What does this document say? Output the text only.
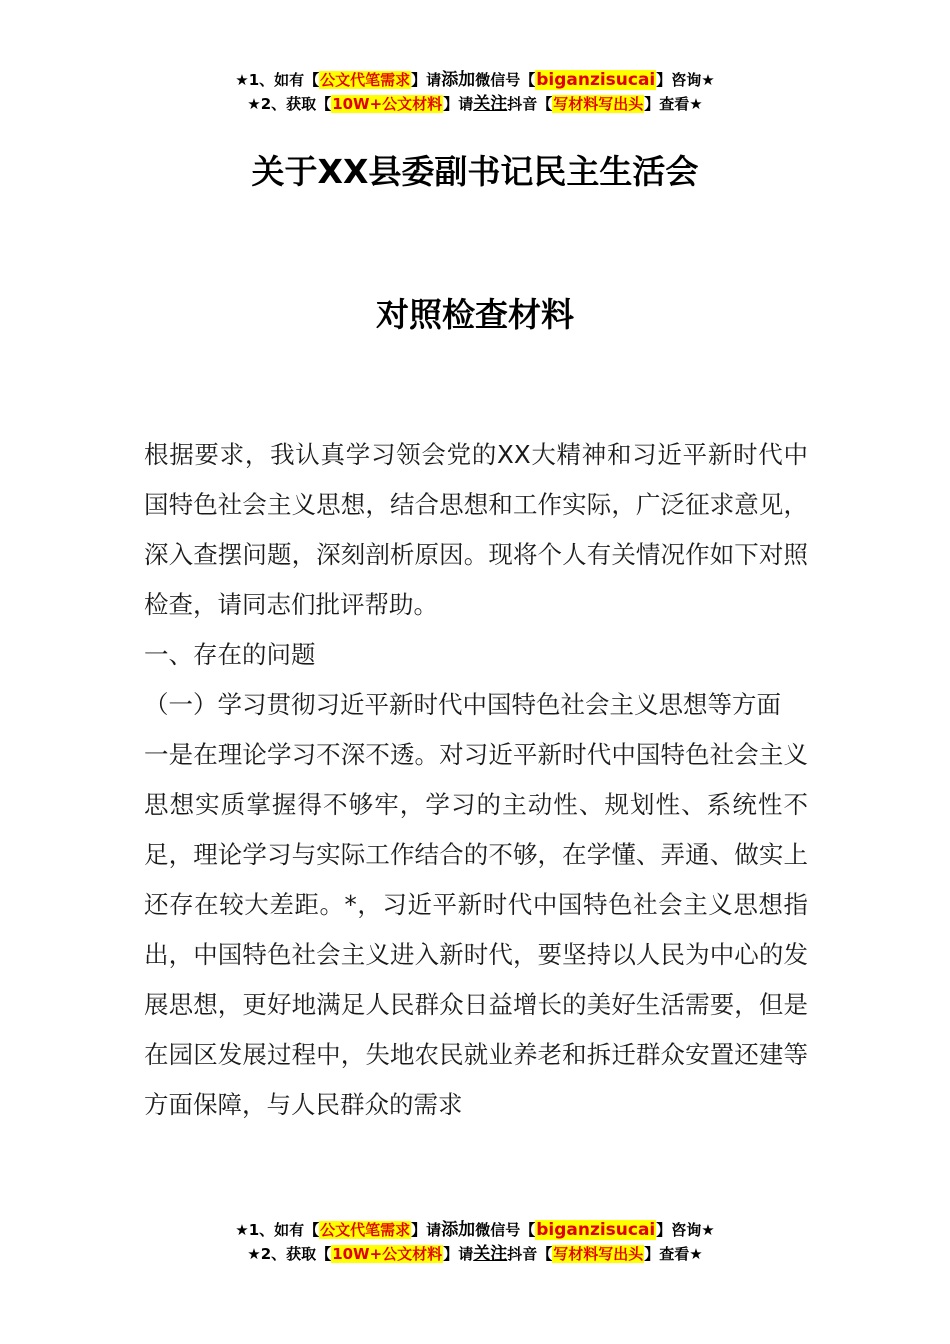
★1、如有【公文代笔需求】请添加微信号【biganzisucai】咨询★
★2、获取【10W+公文材料】请关注抖音【写材料写出头】查看★
关于XX县委副书记民主生活会
对照检查材料

根据要求，我认真学习领会党的XX大精神和习近平新时代中国特色社会主义思想，结合思想和工作实际，广泛征求意见，深入查摆问题，深刻剖析原因。现将个人有关情况作如下对照检查，请同志们批评帮助。

一、存在的问题

（一）学习贯彻习近平新时代中国特色社会主义思想等方面

一是在理论学习不深不透。对习近平新时代中国特色社会主义思想实质掌握得不够牢，学习的主动性、规划性、系统性不足，理论学习与实际工作结合的不够，在学懂、弄通、做实上还存在较大差距。*，习近平新时代中国特色社会主义思想指出，中国特色社会主义进入新时代，要坚持以人民为中心的发展思想，更好地满足人民群众日益增长的美好生活需要，但是在园区发展过程中，失地农民就业养老和拆迁群众安置还建等方面保障，与人民群众的需求

★1、如有【公文代笔需求】请添加微信号【biganzisucai】咨询★
★2、获取【10W+公文材料】请关注抖音【写材料写出头】查看★
